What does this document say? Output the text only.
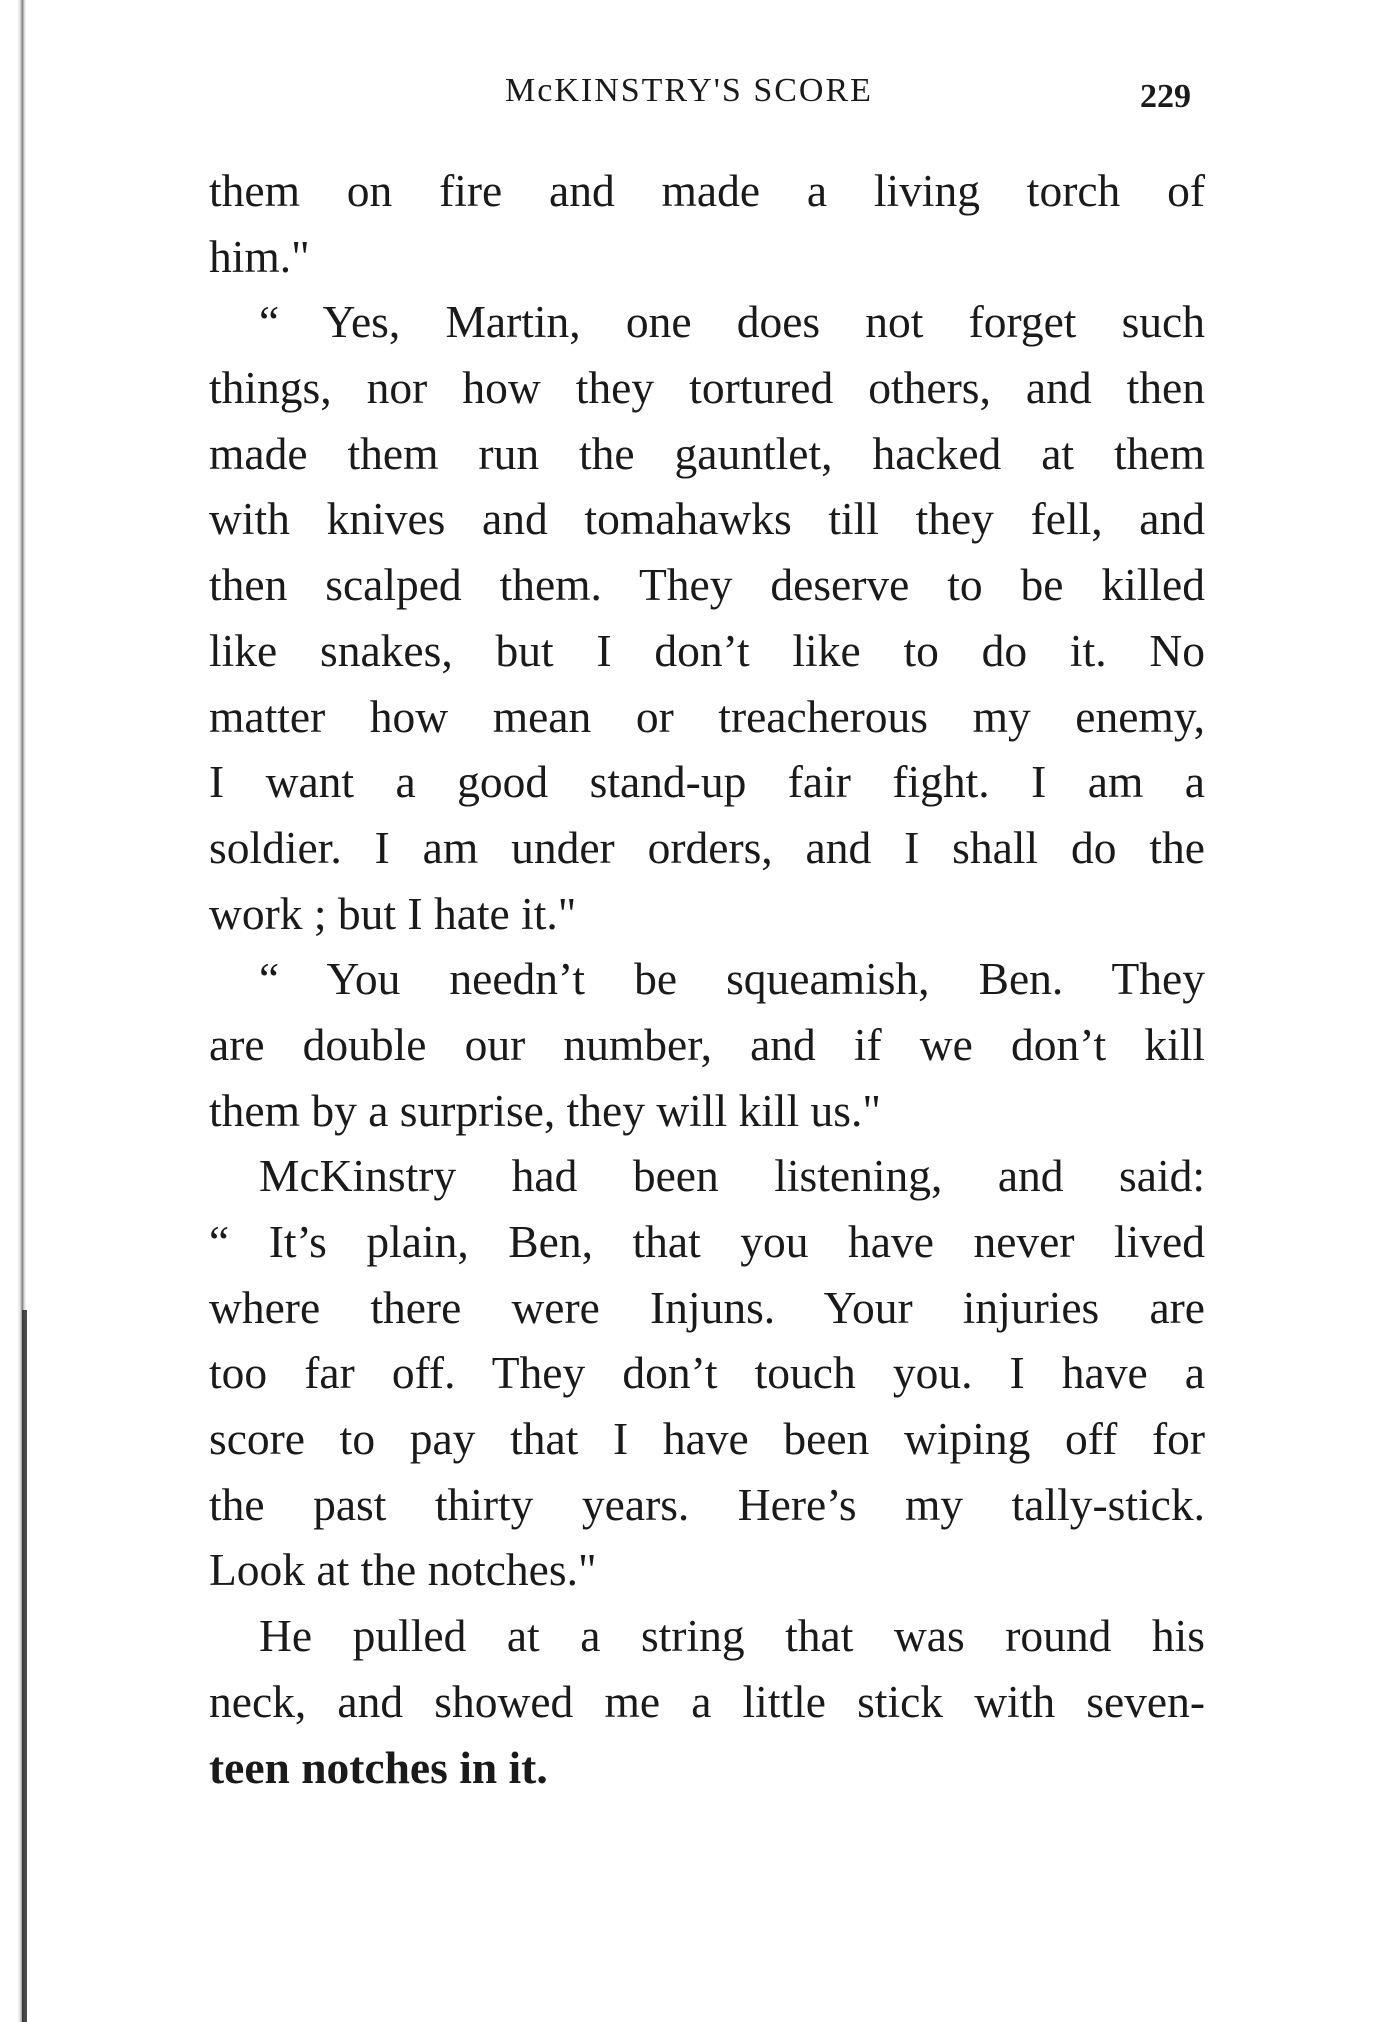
McKINSTRY'S SCORE	229
them on fire and made a living torch of
him."
“ Yes, Martin, one does not forget such
things, nor how they tortured others, and then
made them run the gauntlet, hacked at them
with knives and tomahawks till they fell, and
then scalped them. They deserve to be killed
like snakes, but I don’t like to do it. No
matter how mean or treacherous my enemy,
I want a good stand-up fair fight. I am a
soldier. I am under orders, and I shall do the
work ; but I hate it."
“ You needn’t be squeamish, Ben. They
are double our number, and if we don’t kill
them by a surprise, they will kill us."
McKinstry had been listening, and said:
“ It’s plain, Ben, that you have never lived
where there were Injuns. Your injuries are
too far off. They don’t touch you. I have a
score to pay that I have been wiping off for
the past thirty years. Here’s my tally-stick.
Look at the notches."
He pulled at a string that was round his
neck, and showed me a little stick with seven-
teen notches in it.
